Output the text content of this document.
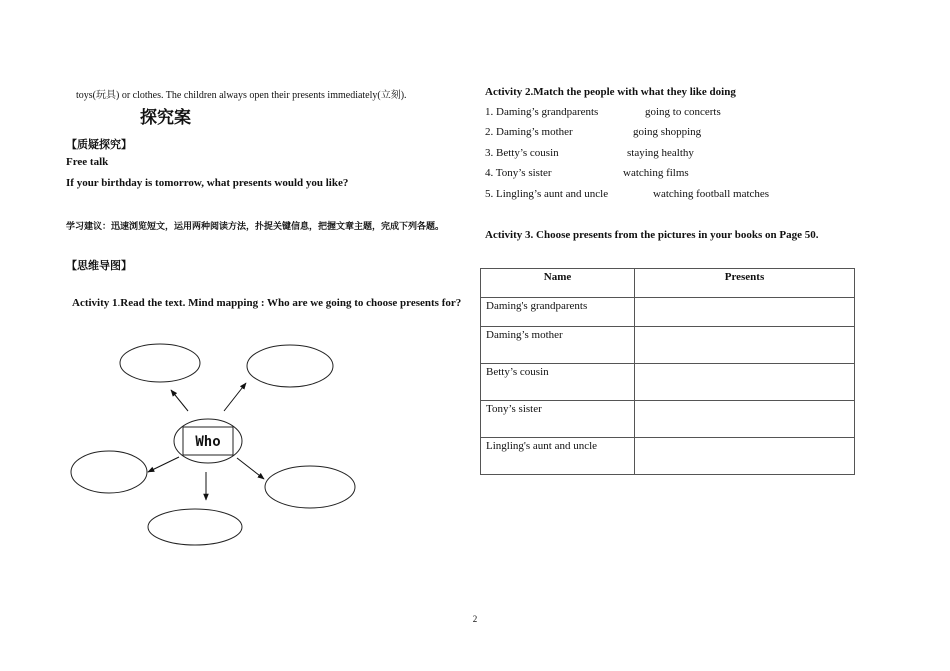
toys(玩具) or clothes. The children always open their presents immediately(立刻).
探究案
【质疑探究】
Free talk
If your birthday is tomorrow, what presents would you like?
学习建议：迅速浏览短文，运用两种阅读方法，扑捉关键信息，把握文章主题，完成下列各题。
【思维导图】
Activity 1.Read the text. Mind mapping : Who are we going to choose presents for?
Who
Activity 2.Match the people with what they like doing
1. Daming’s grandparents	going to concerts
2. Daming’s mother	going shopping
3. Betty’s cousin	staying healthy
4. Tony’s sister	watching films
5. Lingling’s aunt and uncle	watching football matches
Activity 3. Choose presents from the pictures in your books on Page 50.
Name	Presents
Daming's grandparents	
Daming’s mother	
Betty’s cousin	
Tony’s sister	
Lingling's aunt and uncle	
2
